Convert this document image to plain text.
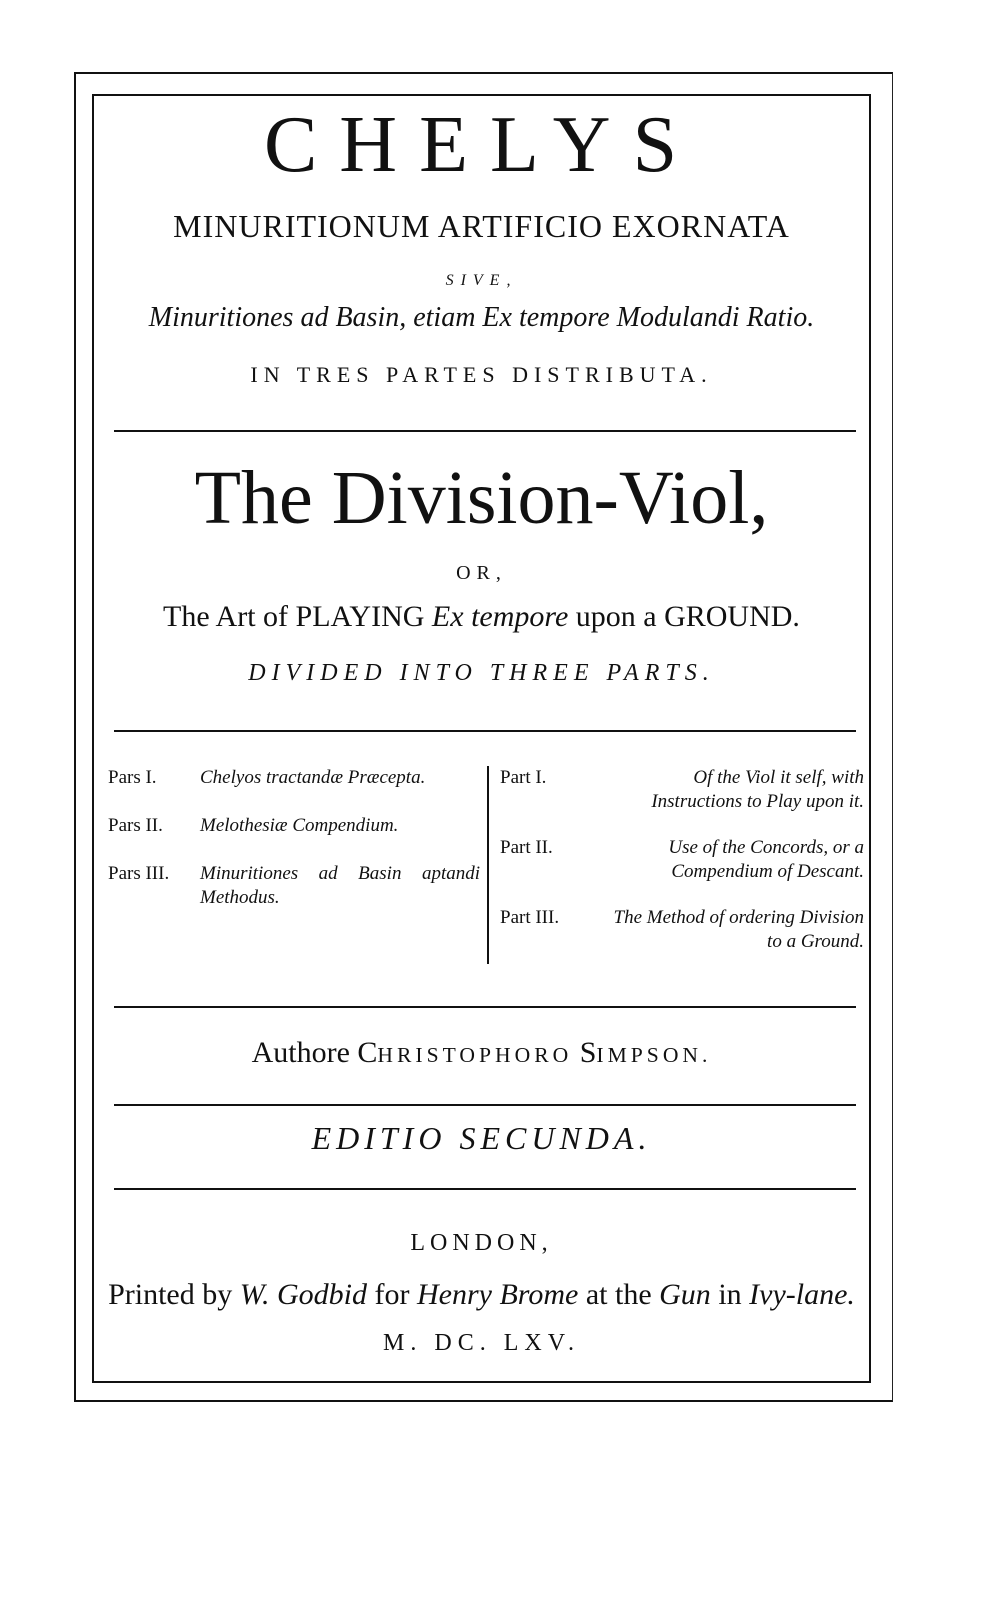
CHELYS
MINURITIONUM ARTIFICIO EXORNATA
SIVE,
Minuritiones ad Basin, etiam Ex tempore Modulandi Ratio.
IN TRES PARTES DISTRIBUTA.
The Division-Viol,
OR,
The Art of PLAYING Ex tempore upon a GROUND.
DIVIDED INTO THREE PARTS.
Pars I.	Chelyos tractandæ Præcepta.
Pars II.	Melothesiæ Compendium.
Pars III.	Minuritiones ad Basin aptandi Methodus.
Part I.	Of the Viol it self, with Instructions to Play upon it.
Part II.	Use of the Concords, or a Compendium of Descant.
Part III.	The Method of ordering Division to a Ground.
Authore CHRISTOPHORO SIMPSON.
EDITIO SECUNDA.
LONDON,
Printed by W. Godbid for Henry Brome at the Gun in Ivy-lane.
M. DC. LXV.
